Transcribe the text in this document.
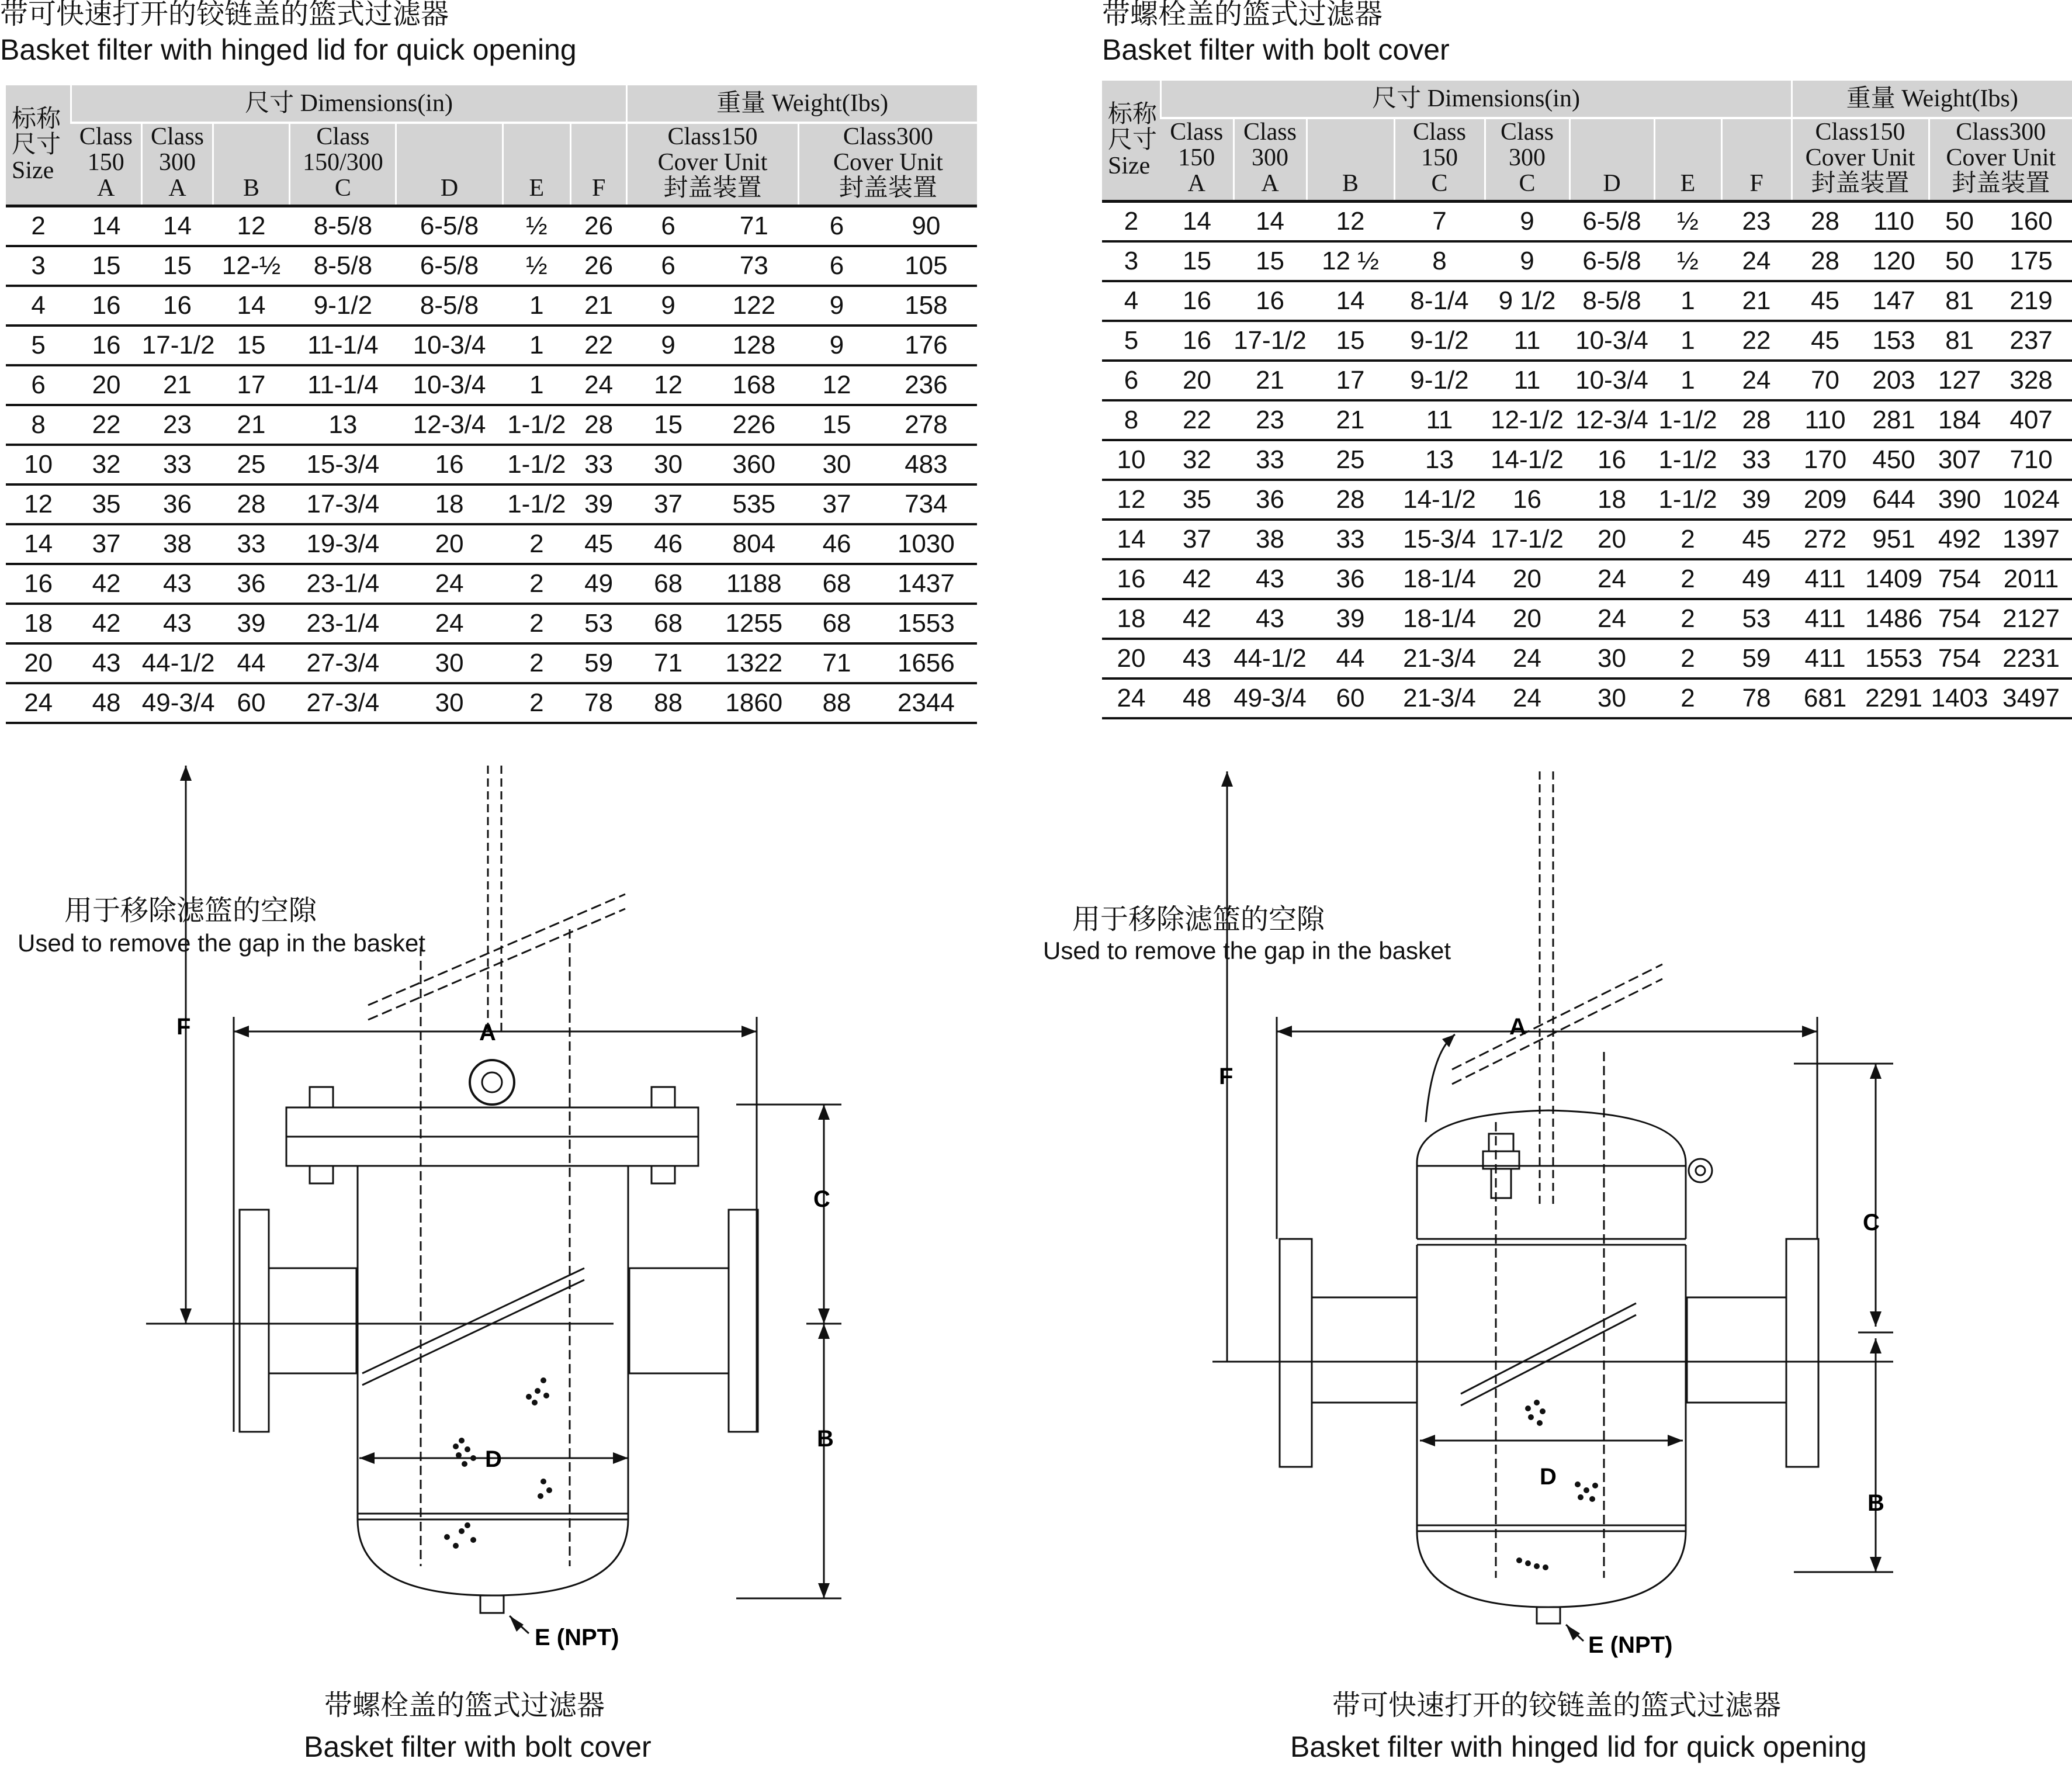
带可快速打开的铰链盖的篮式过滤器
Basket filter with hinged lid for quick opening
带螺栓盖的篮式过滤器
Basket filter with bolt cover
标称
尺寸
Size	尺寸 Dimensions(in)							重量 Weight(Ibs)			
	Class
150
A	Class
300
A	B	Class
150/300
C	D	E	F	Class150
Cover Unit
封盖装置		Class300
Cover Unit
封盖装置	
2	14	14	12	8-5/8	6-5/8	½	26	6	71	6	90
3	15	15	12-½	8-5/8	6-5/8	½	26	6	73	6	105
4	16	16	14	9-1/2	8-5/8	1	21	9	122	9	158
5	16	17-1/2	15	11-1/4	10-3/4	1	22	9	128	9	176
6	20	21	17	11-1/4	10-3/4	1	24	12	168	12	236
8	22	23	21	13	12-3/4	1-1/2	28	15	226	15	278
10	32	33	25	15-3/4	16	1-1/2	33	30	360	30	483
12	35	36	28	17-3/4	18	1-1/2	39	37	535	37	734
14	37	38	33	19-3/4	20	2	45	46	804	46	1030
16	42	43	36	23-1/4	24	2	49	68	1188	68	1437
18	42	43	39	23-1/4	24	2	53	68	1255	68	1553
20	43	44-1/2	44	27-3/4	30	2	59	71	1322	71	1656
24	48	49-3/4	60	27-3/4	30	2	78	88	1860	88	2344
标称
尺寸
Size	尺寸 Dimensions(in)								重量 Weight(Ibs)			
	Class
150
A	Class
300
A	B	Class
150
C	Class
300
C	D	E	F	Class150
Cover Unit
封盖装置		Class300
Cover Unit
封盖装置	
2	14	14	12	7	9	6-5/8	½	23	28	110	50	160
3	15	15	12 ½	8	9	6-5/8	½	24	28	120	50	175
4	16	16	14	8-1/4	9 1/2	8-5/8	1	21	45	147	81	219
5	16	17-1/2	15	9-1/2	11	10-3/4	1	22	45	153	81	237
6	20	21	17	9-1/2	11	10-3/4	1	24	70	203	127	328
8	22	23	21	11	12-1/2	12-3/4	1-1/2	28	110	281	184	407
10	32	33	25	13	14-1/2	16	1-1/2	33	170	450	307	710
12	35	36	28	14-1/2	16	18	1-1/2	39	209	644	390	1024
14	37	38	33	15-3/4	17-1/2	20	2	45	272	951	492	1397
16	42	43	36	18-1/4	20	24	2	49	411	1409	754	2011
18	42	43	39	18-1/4	20	24	2	53	411	1486	754	2127
20	43	44-1/2	44	21-3/4	24	30	2	59	411	1553	754	2231
24	48	49-3/4	60	21-3/4	24	30	2	78	681	2291	1403	3497
用于移除滤篮的空隙
Used to remove the gap in the basket
A
D
C
B
F
E (NPT)
带螺栓盖的篮式过滤器
Basket filter with bolt cover
用于移除滤篮的空隙
Used to remove the gap in the basket
A
D
C
B
F
E (NPT)
带可快速打开的铰链盖的篮式过滤器
Basket filter with hinged lid for quick opening
